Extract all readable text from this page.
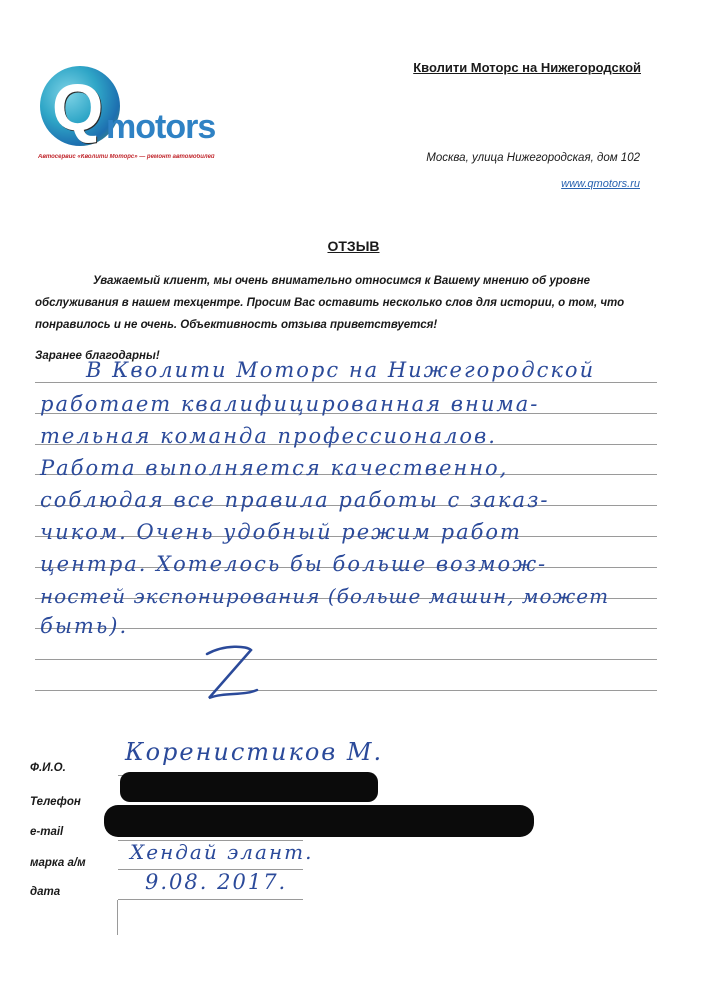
Q motors
Автосервис «Кволити Моторс» — ремонт автомобилей
Кволити Моторс на Нижегородской
Москва, улица Нижегородская, дом 102
www.qmotors.ru
ОТЗЫВ
Уважаемый клиент, мы очень внимательно относимся к Вашему мнению об уровне обслуживания в нашем техцентре. Просим Вас оставить несколько слов для истории, о том, что понравилось и не очень. Объективность отзыва приветствуется!
Заранее благодарны!
В Кволити Моторс на Нижегородской
работает квалифицированная внима-
тельная команда профессионалов.
Работа выполняется качественно,
соблюдая все правила работы с заказ-
чиком. Очень удобный режим работ
центра. Хотелось бы больше возмож-
ностей экспонирования (больше машин, может
быть).
Ф.И.О.
Коренистиков М.
Телефон
e-mail
марка а/м Хендай элант.
дата	9.08. 2017.
